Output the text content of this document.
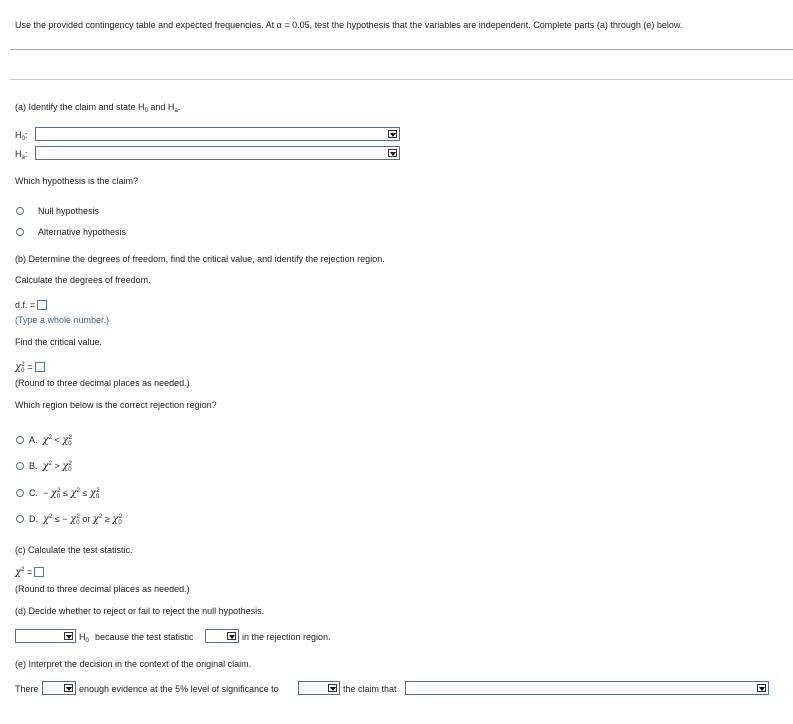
Use the provided contingency table and expected frequencies. At α = 0.05, test the hypothesis that the variables are independent. Complete parts (a) through (e) below.
(a) Identify the claim and state $H_0$ and $H_a$.
$H_0$:
$H_a$:
Which hypothesis is the claim?
Null hypothesis
Alternative hypothesis
(b) Determine the degrees of freedom, find the critical value, and identify the rejection region.
Calculate the degrees of freedom.
d.f. =
(Type a whole number.)
Find the critical value.
$\chi_0^2$ =
(Round to three decimal places as needed.)
Which region below is the correct rejection region?
A. $\chi^2 < \chi_0^2$
B. $\chi^2 > \chi_0^2$
C.  − $\chi_0^2 \le \chi^2 \le \chi_0^2$
D. $\chi^2$ ≤ − $\chi_0^2$ or $\chi^2 \ge \chi_0^2$
(c) Calculate the test statistic.
$\chi^2$ =
(Round to three decimal places as needed.)
(d) Decide whether to reject or fail to reject the null hypothesis.
$H_0$ because the test statistic	in the rejection region.
(e) Interpret the decision in the context of the original claim.
There	enough evidence at the 5% level of significance to	the claim that
